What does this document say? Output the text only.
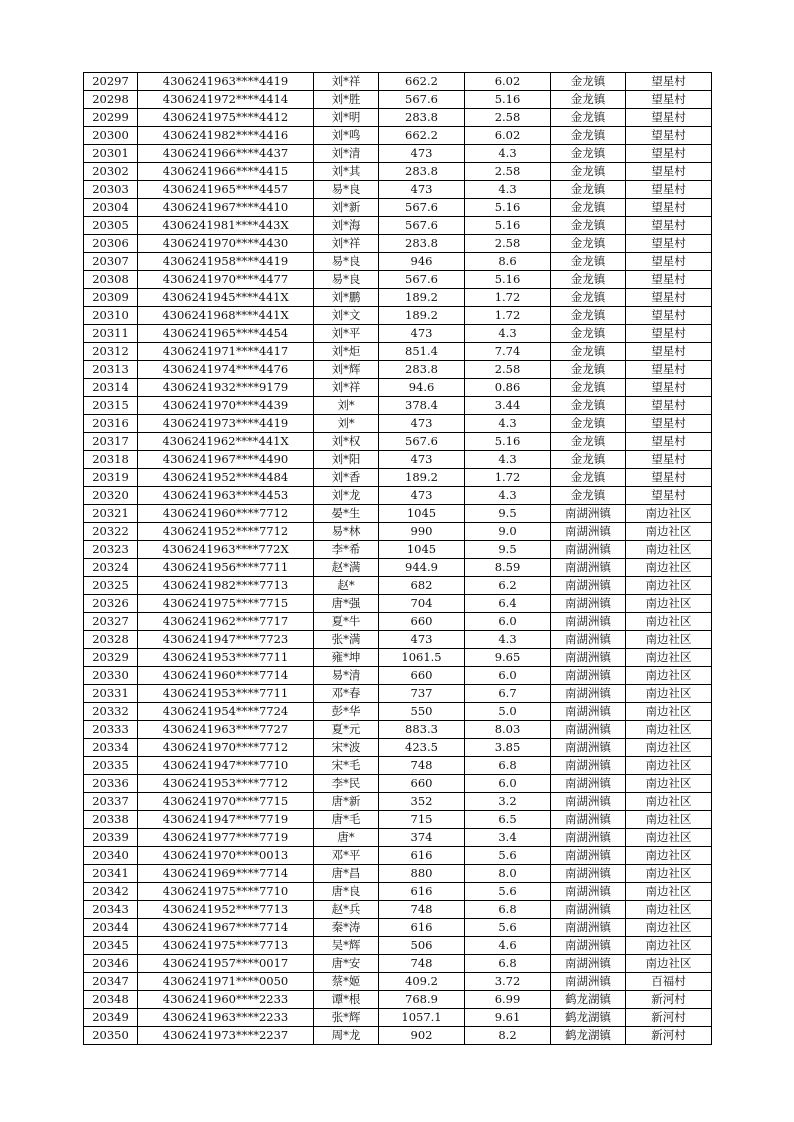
20297	4306241963****4419	刘*祥	662.2	6.02	金龙镇	望星村
20298	4306241972****4414	刘*胜	567.6	5.16	金龙镇	望星村
20299	4306241975****4412	刘*明	283.8	2.58	金龙镇	望星村
20300	4306241982****4416	刘*鸣	662.2	6.02	金龙镇	望星村
20301	4306241966****4437	刘*清	473	4.3	金龙镇	望星村
20302	4306241966****4415	刘*其	283.8	2.58	金龙镇	望星村
20303	4306241965****4457	易*良	473	4.3	金龙镇	望星村
20304	4306241967****4410	刘*新	567.6	5.16	金龙镇	望星村
20305	4306241981****443X	刘*海	567.6	5.16	金龙镇	望星村
20306	4306241970****4430	刘*祥	283.8	2.58	金龙镇	望星村
20307	4306241958****4419	易*良	946	8.6	金龙镇	望星村
20308	4306241970****4477	易*良	567.6	5.16	金龙镇	望星村
20309	4306241945****441X	刘*鹏	189.2	1.72	金龙镇	望星村
20310	4306241968****441X	刘*文	189.2	1.72	金龙镇	望星村
20311	4306241965****4454	刘*平	473	4.3	金龙镇	望星村
20312	4306241971****4417	刘*炬	851.4	7.74	金龙镇	望星村
20313	4306241974****4476	刘*辉	283.8	2.58	金龙镇	望星村
20314	4306241932****9179	刘*祥	94.6	0.86	金龙镇	望星村
20315	4306241970****4439	刘*	378.4	3.44	金龙镇	望星村
20316	4306241973****4419	刘*	473	4.3	金龙镇	望星村
20317	4306241962****441X	刘*权	567.6	5.16	金龙镇	望星村
20318	4306241967****4490	刘*阳	473	4.3	金龙镇	望星村
20319	4306241952****4484	刘*香	189.2	1.72	金龙镇	望星村
20320	4306241963****4453	刘*龙	473	4.3	金龙镇	望星村
20321	4306241960****7712	晏*生	1045	9.5	南湖洲镇	南边社区
20322	4306241952****7712	易*林	990	9.0	南湖洲镇	南边社区
20323	4306241963****772X	李*希	1045	9.5	南湖洲镇	南边社区
20324	4306241956****7711	赵*满	944.9	8.59	南湖洲镇	南边社区
20325	4306241982****7713	赵*	682	6.2	南湖洲镇	南边社区
20326	4306241975****7715	唐*强	704	6.4	南湖洲镇	南边社区
20327	4306241962****7717	夏*牛	660	6.0	南湖洲镇	南边社区
20328	4306241947****7723	张*满	473	4.3	南湖洲镇	南边社区
20329	4306241953****7711	雍*坤	1061.5	9.65	南湖洲镇	南边社区
20330	4306241960****7714	易*清	660	6.0	南湖洲镇	南边社区
20331	4306241953****7711	邓*春	737	6.7	南湖洲镇	南边社区
20332	4306241954****7724	彭*华	550	5.0	南湖洲镇	南边社区
20333	4306241963****7727	夏*元	883.3	8.03	南湖洲镇	南边社区
20334	4306241970****7712	宋*波	423.5	3.85	南湖洲镇	南边社区
20335	4306241947****7710	宋*毛	748	6.8	南湖洲镇	南边社区
20336	4306241953****7712	李*民	660	6.0	南湖洲镇	南边社区
20337	4306241970****7715	唐*新	352	3.2	南湖洲镇	南边社区
20338	4306241947****7719	唐*毛	715	6.5	南湖洲镇	南边社区
20339	4306241977****7719	唐*	374	3.4	南湖洲镇	南边社区
20340	4306241970****0013	邓*平	616	5.6	南湖洲镇	南边社区
20341	4306241969****7714	唐*昌	880	8.0	南湖洲镇	南边社区
20342	4306241975****7710	唐*良	616	5.6	南湖洲镇	南边社区
20343	4306241952****7713	赵*兵	748	6.8	南湖洲镇	南边社区
20344	4306241967****7714	秦*涛	616	5.6	南湖洲镇	南边社区
20345	4306241975****7713	吴*辉	506	4.6	南湖洲镇	南边社区
20346	4306241957****0017	唐*安	748	6.8	南湖洲镇	南边社区
20347	4306241971****0050	蔡*姬	409.2	3.72	南湖洲镇	百福村
20348	4306241960****2233	谭*根	768.9	6.99	鹤龙湖镇	新河村
20349	4306241963****2233	张*辉	1057.1	9.61	鹤龙湖镇	新河村
20350	4306241973****2237	周*龙	902	8.2	鹤龙湖镇	新河村
